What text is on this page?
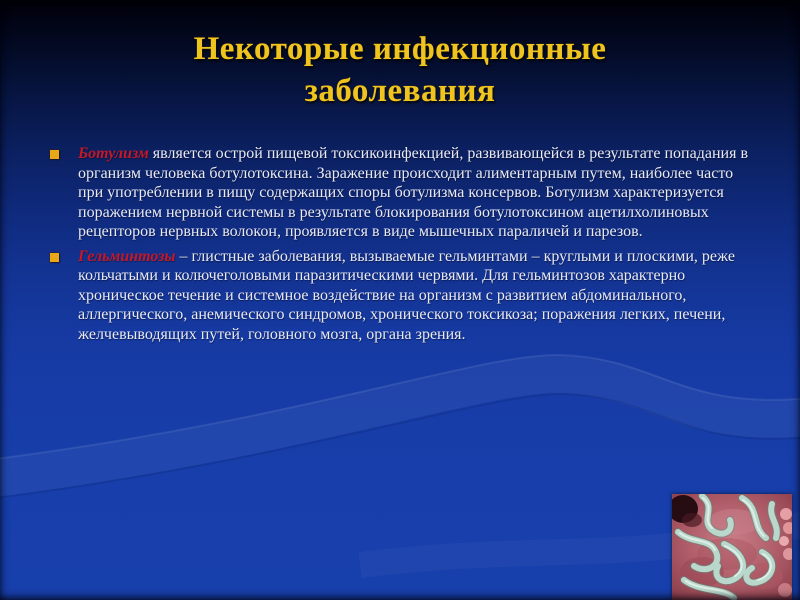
Некоторые инфекционные заболевания

Ботулизм является острой пищевой токсикоинфекцией, развивающейся в результате попадания в организм человека ботулотоксина. Заражение происходит алиментарным путем, наиболее часто при употреблении в пищу содержащих споры ботулизма консервов. Ботулизм характеризуется поражением нервной системы в результате блокирования ботулотоксином ацетилхолиновых рецепторов нервных волокон, проявляется в виде мышечных параличей и парезов.

Гельминтозы – глистные заболевания, вызываемые гельминтами – круглыми и плоскими, реже кольчатыми и колючеголовыми паразитическими червями. Для гельминтозов характерно хроническое течение и системное воздействие на организм с развитием абдоминального, аллергического, анемического синдромов, хронического токсикоза; поражения легких, печени, желчевыводящих путей, головного мозга, органа зрения.
